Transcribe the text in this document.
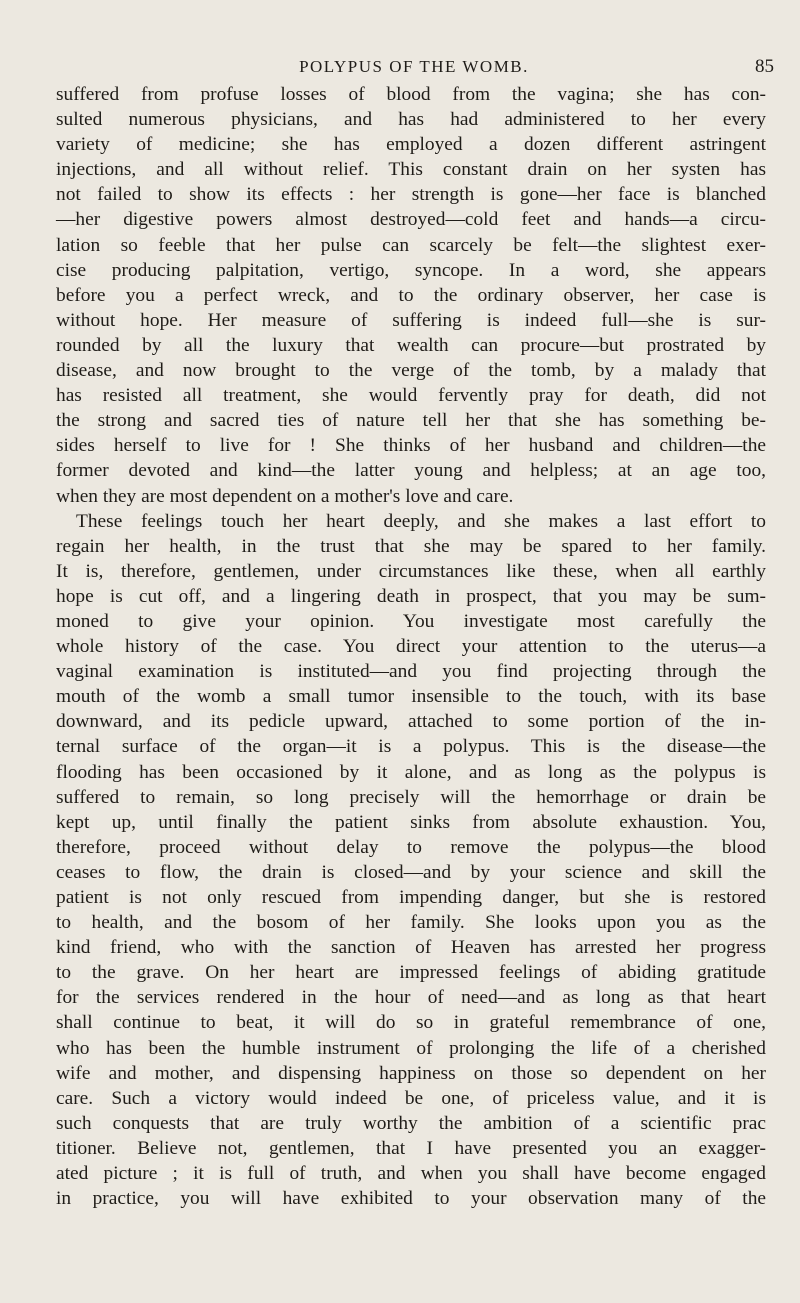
POLYPUS OF THE WOMB.	85
suffered from profuse losses of blood from the vagina; she has con-
sulted numerous physicians, and has had administered to her every
variety of medicine; she has employed a dozen different astringent
injections, and all without relief. This constant drain on her systen has
not failed to show its effects : her strength is gone—her face is blanched
—her digestive powers almost destroyed—cold feet and hands—a circu-
lation so feeble that her pulse can scarcely be felt—the slightest exer-
cise producing palpitation, vertigo, syncope. In a word, she appears
before you a perfect wreck, and to the ordinary observer, her case is
without hope. Her measure of suffering is indeed full—she is sur-
rounded by all the luxury that wealth can procure—but prostrated by
disease, and now brought to the verge of the tomb, by a malady that
has resisted all treatment, she would fervently pray for death, did not
the strong and sacred ties of nature tell her that she has something be-
sides herself to live for ! She thinks of her husband and children—the
former devoted and kind—the latter young and helpless; at an age too,
when they are most dependent on a mother's love and care.
These feelings touch her heart deeply, and she makes a last effort to
regain her health, in the trust that she may be spared to her family.
It is, therefore, gentlemen, under circumstances like these, when all earthly
hope is cut off, and a lingering death in prospect, that you may be sum-
moned to give your opinion. You investigate most carefully the
whole history of the case. You direct your attention to the uterus—a
vaginal examination is instituted—and you find projecting through the
mouth of the womb a small tumor insensible to the touch, with its base
downward, and its pedicle upward, attached to some portion of the in-
ternal surface of the organ—it is a polypus. This is the disease—the
flooding has been occasioned by it alone, and as long as the polypus is
suffered to remain, so long precisely will the hemorrhage or drain be
kept up, until finally the patient sinks from absolute exhaustion. You,
therefore, proceed without delay to remove the polypus—the blood
ceases to flow, the drain is closed—and by your science and skill the
patient is not only rescued from impending danger, but she is restored
to health, and the bosom of her family. She looks upon you as the
kind friend, who with the sanction of Heaven has arrested her progress
to the grave. On her heart are impressed feelings of abiding gratitude
for the services rendered in the hour of need—and as long as that heart
shall continue to beat, it will do so in grateful remembrance of one,
who has been the humble instrument of prolonging the life of a cherished
wife and mother, and dispensing happiness on those so dependent on her
care. Such a victory would indeed be one, of priceless value, and it is
such conquests that are truly worthy the ambition of a scientific prac
titioner. Believe not, gentlemen, that I have presented you an exagger-
ated picture ; it is full of truth, and when you shall have become engaged
in practice, you will have exhibited to your observation many of the
